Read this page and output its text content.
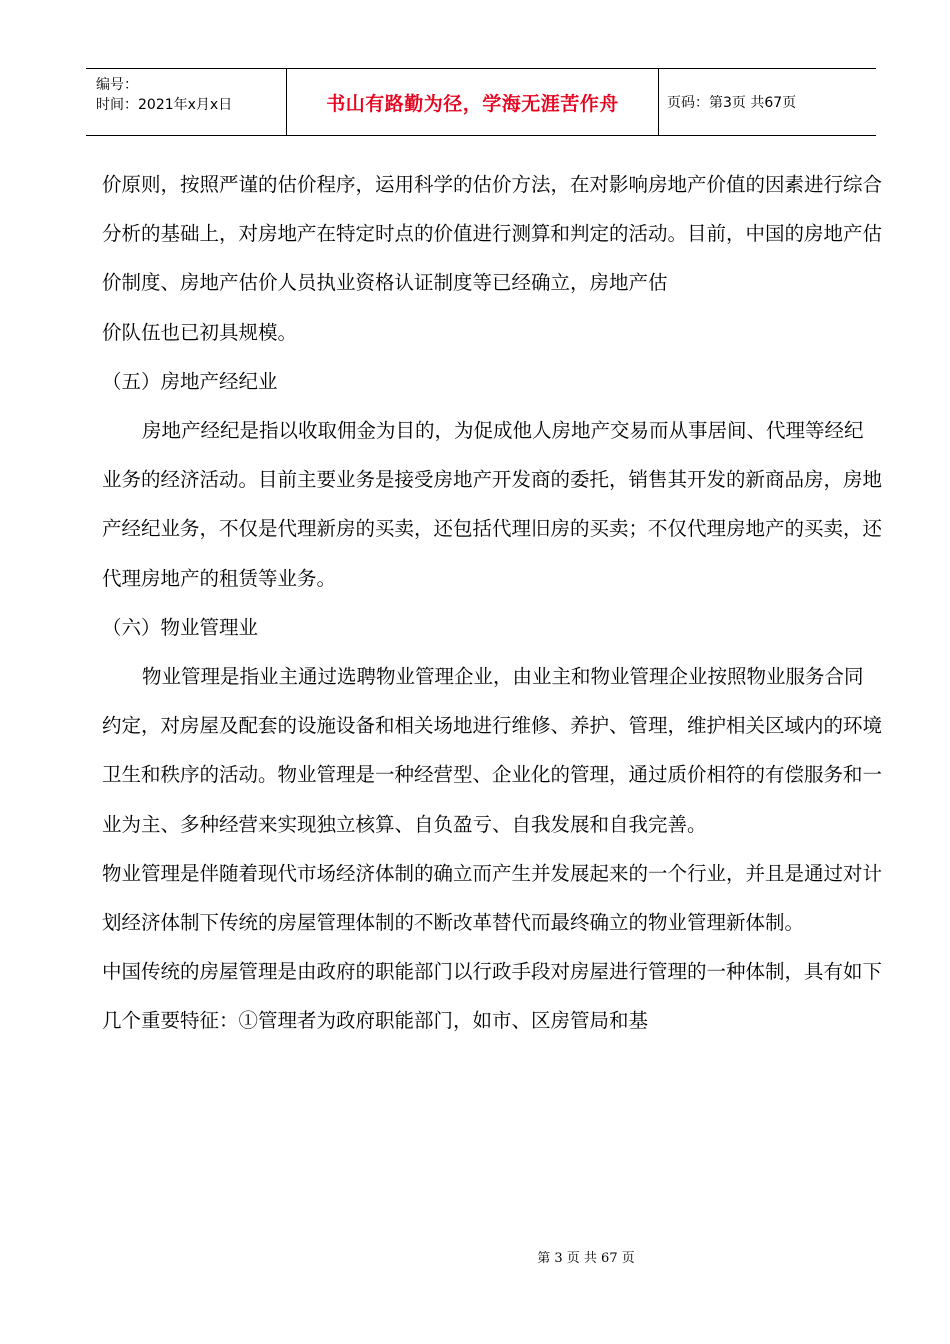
编号：
时间：2021年x月x日	书山有路勤为径，学海无涯苦作舟	页码：第3页 共67页

价原则，按照严谨的估价程序，运用科学的估价方法，在对影响房地产价值的因素进行综合分析的基础上，对房地产在特定时点的价值进行测算和判定的活动。目前，中国的房地产估价制度、房地产估价人员执业资格认证制度等已经确立，房地产估

价队伍也已初具规模。

（五）房地产经纪业

房地产经纪是指以收取佣金为目的，为促成他人房地产交易而从事居间、代理等经纪业务的经济活动。目前主要业务是接受房地产开发商的委托，销售其开发的新商品房，房地产经纪业务，不仅是代理新房的买卖，还包括代理旧房的买卖；不仅代理房地产的买卖，还代理房地产的租赁等业务。

（六）物业管理业

物业管理是指业主通过选聘物业管理企业，由业主和物业管理企业按照物业服务合同约定，对房屋及配套的设施设备和相关场地进行维修、养护、管理，维护相关区域内的环境卫生和秩序的活动。物业管理是一种经营型、企业化的管理，通过质价相符的有偿服务和一业为主、多种经营来实现独立核算、自负盈亏、自我发展和自我完善。

物业管理是伴随着现代市场经济体制的确立而产生并发展起来的一个行业，并且是通过对计划经济体制下传统的房屋管理体制的不断改革替代而最终确立的物业管理新体制。

中国传统的房屋管理是由政府的职能部门以行政手段对房屋进行管理的一种体制，具有如下几个重要特征：①管理者为政府职能部门，如市、区房管局和基

第 3 页 共 67 页
